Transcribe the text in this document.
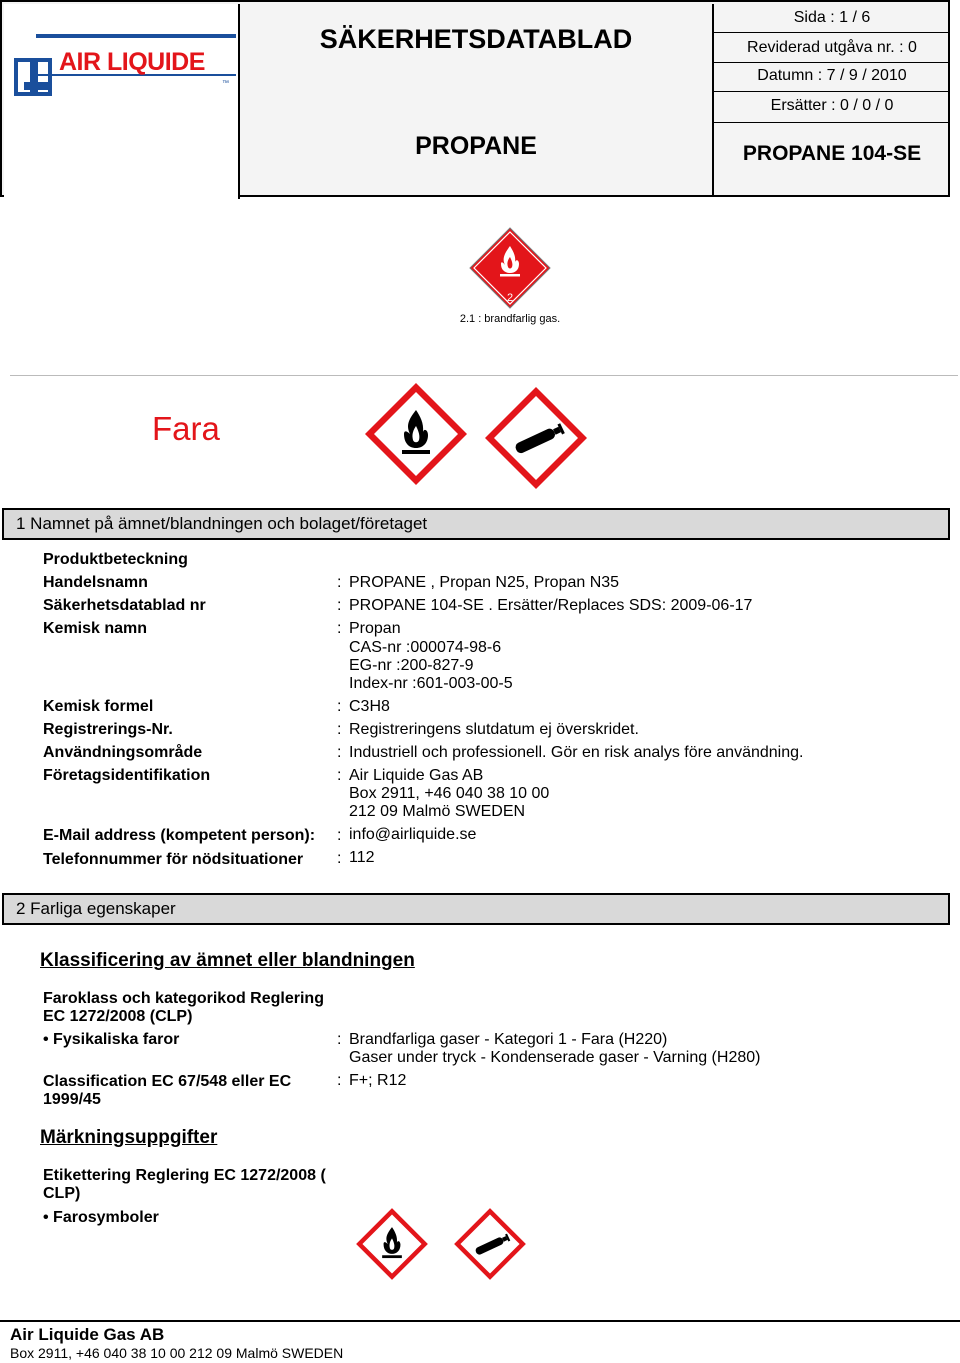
AIR LIQUIDE
™
SÄKERHETSDATABLAD
PROPANE
Sida : 1 / 6
Reviderad utgåva nr. : 0
Datumn : 7 / 9 / 2010
Ersätter : 0 / 0 / 0
PROPANE 104-SE
2
2.1 : brandfarlig gas.
Fara
1 Namnet på ämnet/blandningen och bolaget/företaget
Produktbeteckning
Handelsnamn	: PROPANE , Propan N25, Propan N35
Säkerhetsdatablad nr	: PROPANE 104-SE . Ersätter/Replaces SDS: 2009-06-17
Kemisk namn	: Propan
CAS-nr :000074-98-6
EG-nr :200-827-9
Index-nr :601-003-00-5
Kemisk formel	: C3H8
Registrerings-Nr.	: Registreringens slutdatum ej överskridet.
Användningsområde	: Industriell och professionell. Gör en risk analys före användning.
Företagsidentifikation	: Air Liquide Gas AB
Box 2911, +46 040 38 10 00
212 09 Malmö SWEDEN
E-Mail address (kompetent person): : info@airliquide.se
Telefonnummer för nödsituationer : 112
2 Farliga egenskaper
Klassificering av ämnet eller blandningen
Faroklass och kategorikod Reglering
EC 1272/2008 (CLP)
• Fysikaliska faror	: Brandfarliga gaser - Kategori 1 - Fara (H220)
Gaser under tryck - Kondenserade gaser - Varning (H280)
Classification EC 67/548 eller EC
1999/45
: F+; R12
Märkningsuppgifter
Etikettering Reglering EC 1272/2008 (
CLP)
• Farosymboler
Air Liquide Gas AB
Box 2911, +46 040 38 10 00 212 09 Malmö SWEDEN
